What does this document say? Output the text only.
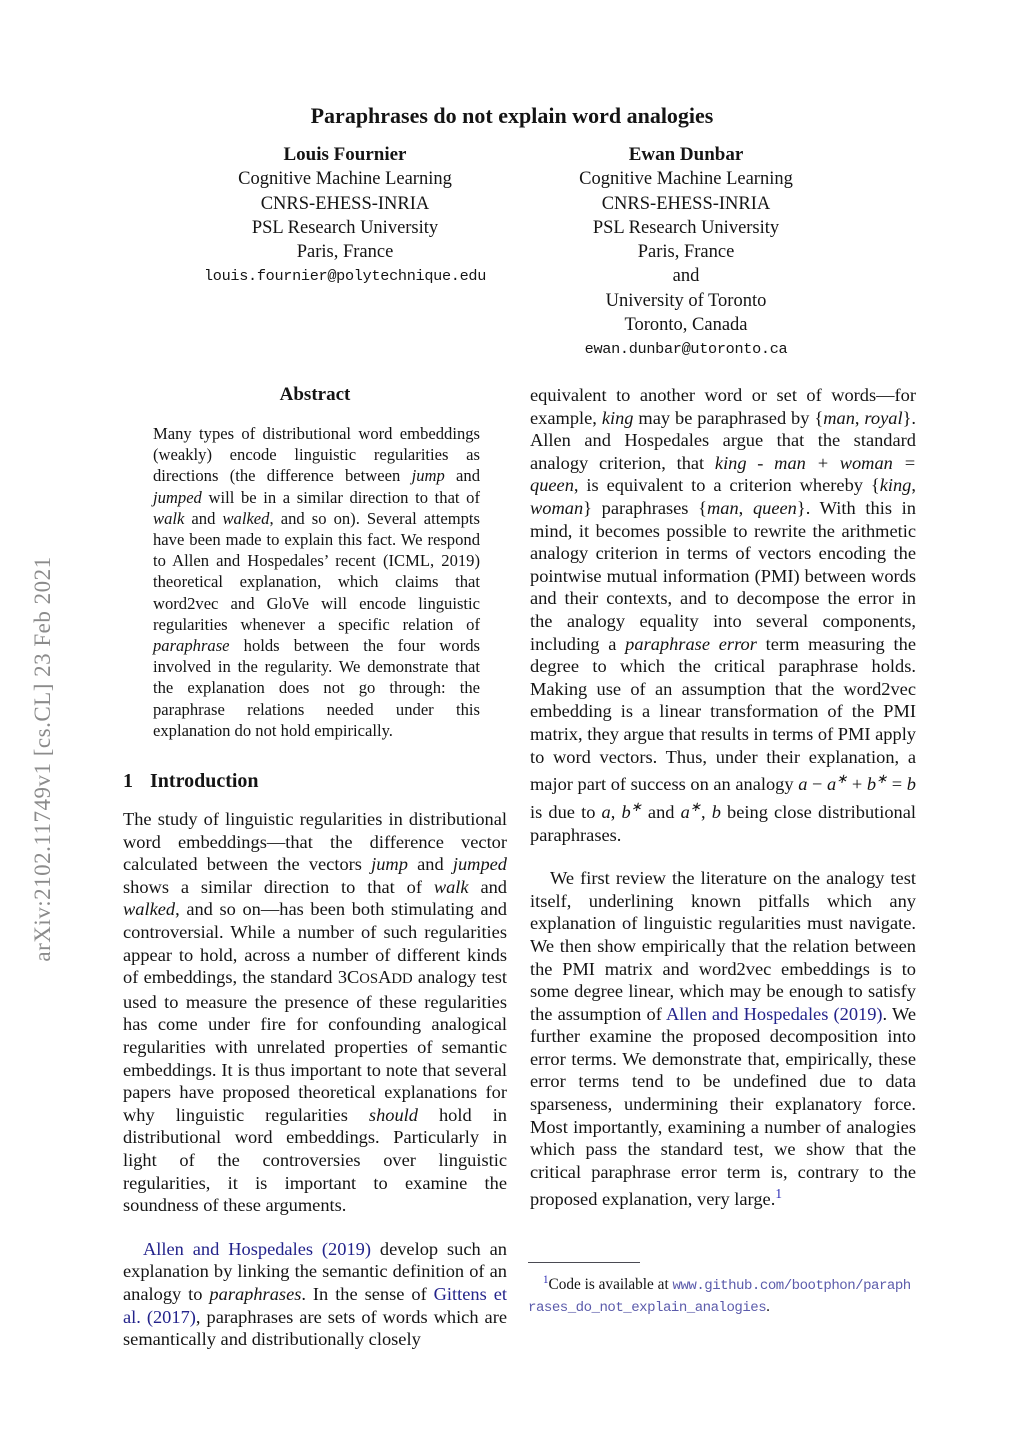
arXiv:2102.11749v1 [cs.CL] 23 Feb 2021
Paraphrases do not explain word analogies
Louis Fournier
Cognitive Machine Learning
CNRS-EHESS-INRIA
PSL Research University
Paris, France
louis.fournier@polytechnique.edu
Ewan Dunbar
Cognitive Machine Learning
CNRS-EHESS-INRIA
PSL Research University
Paris, France
and
University of Toronto
Toronto, Canada
ewan.dunbar@utoronto.ca
Abstract

Many types of distributional word embeddings (weakly) encode linguistic regularities as directions (the difference between jump and jumped will be in a similar direction to that of walk and walked, and so on). Several attempts have been made to explain this fact. We respond to Allen and Hospedales’ recent (ICML, 2019) theoretical explanation, which claims that word2vec and GloVe will encode linguistic regularities whenever a specific relation of paraphrase holds between the four words involved in the regularity. We demonstrate that the explanation does not go through: the paraphrase relations needed under this explanation do not hold empirically.

1 Introduction

The study of linguistic regularities in distributional word embeddings—that the difference vector calculated between the vectors jump and jumped shows a similar direction to that of walk and walked, and so on—has been both stimulating and controversial. While a number of such regularities appear to hold, across a number of different kinds of embeddings, the standard 3COSADD analogy test used to measure the presence of these regularities has come under fire for confounding analogical regularities with unrelated properties of semantic embeddings. It is thus important to note that several papers have proposed theoretical explanations for why linguistic regularities should hold in distributional word embeddings. Particularly in light of the controversies over linguistic regularities, it is important to examine the soundness of these arguments.

Allen and Hospedales (2019) develop such an explanation by linking the semantic definition of an analogy to paraphrases. In the sense of Gittens et al. (2017), paraphrases are sets of words which are semantically and distributionally closely

equivalent to another word or set of words—for example, king may be paraphrased by {man, royal}. Allen and Hospedales argue that the standard analogy criterion, that king - man + woman = queen, is equivalent to a criterion whereby {king, woman} paraphrases {man, queen}. With this in mind, it becomes possible to rewrite the arithmetic analogy criterion in terms of vectors encoding the pointwise mutual information (PMI) between words and their contexts, and to decompose the error in the analogy equality into several components, including a paraphrase error term measuring the degree to which the critical paraphrase holds. Making use of an assumption that the word2vec embedding is a linear transformation of the PMI matrix, they argue that results in terms of PMI apply to word vectors. Thus, under their explanation, a major part of success on an analogy a − a∗ + b∗ = b is due to a, b∗ and a∗, b being close distributional paraphrases.

We first review the literature on the analogy test itself, underlining known pitfalls which any explanation of linguistic regularities must navigate. We then show empirically that the relation between the PMI matrix and word2vec embeddings is to some degree linear, which may be enough to satisfy the assumption of Allen and Hospedales (2019). We further examine the proposed decomposition into error terms. We demonstrate that, empirically, these error terms tend to be undefined due to data sparseness, undermining their explanatory force. Most importantly, examining a number of analogies which pass the standard test, we show that the critical paraphrase error term is, contrary to the proposed explanation, very large.$^1$

$^1$Code is available at www.github.com/bootphon/paraphrases_do_not_explain_analogies.
